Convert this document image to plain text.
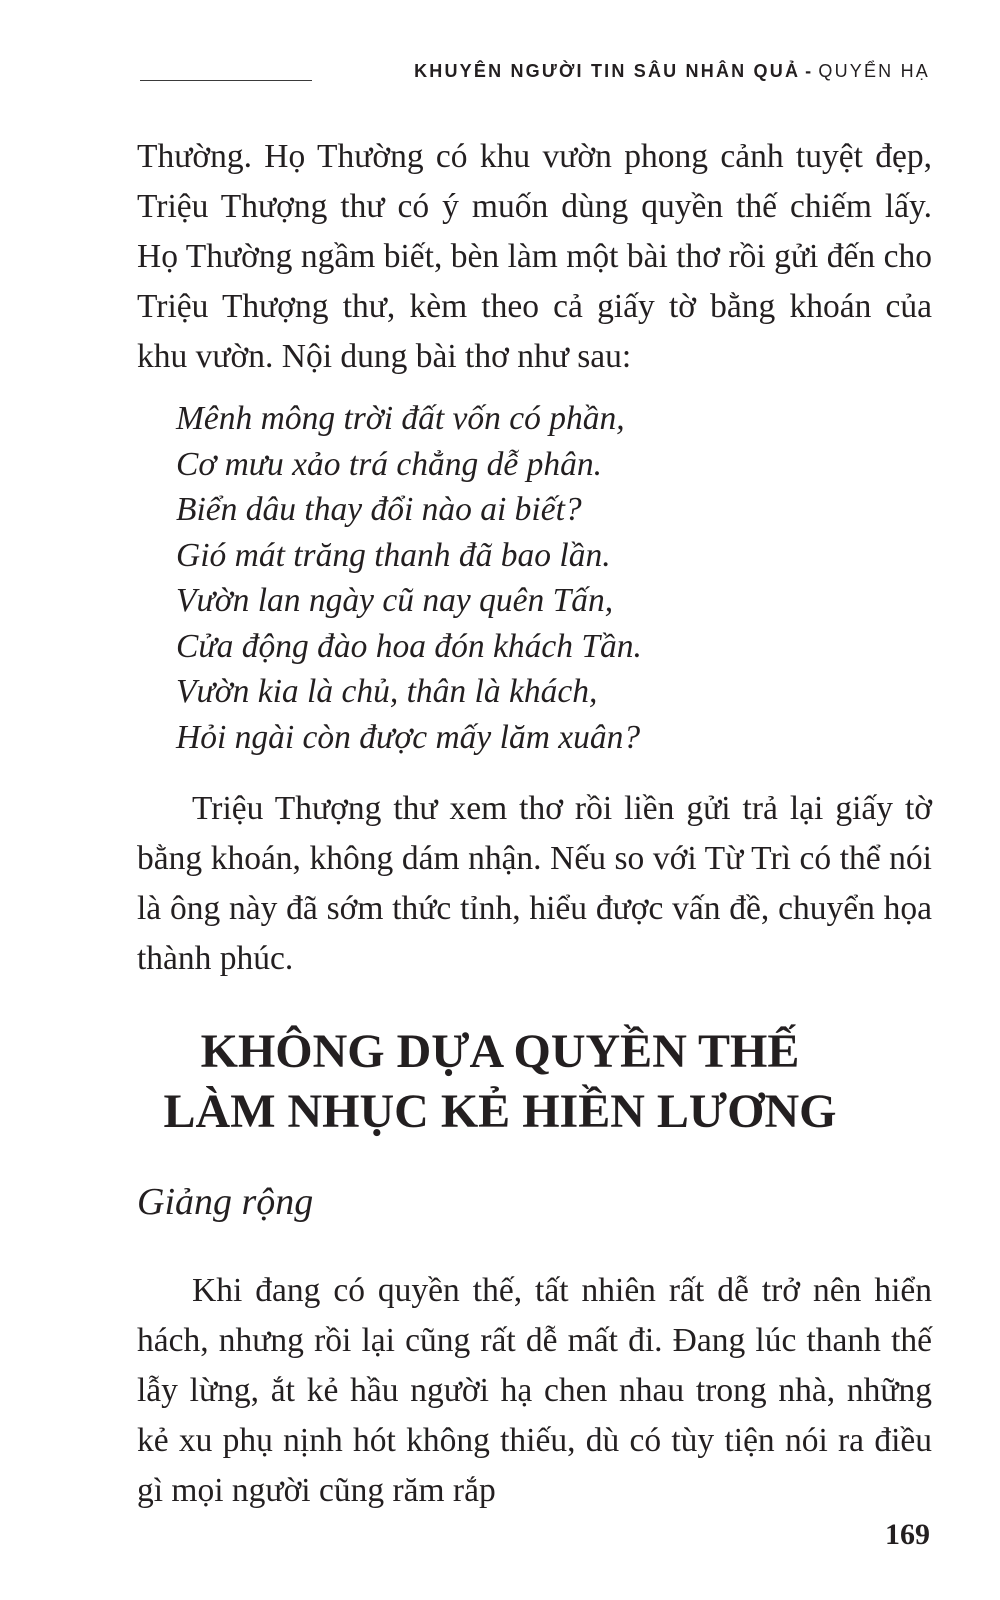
KHUYÊN NGƯỜI TIN SÂU NHÂN QUẢ - QUYỂN HẠ

Thường. Họ Thường có khu vườn phong cảnh tuyệt đẹp, Triệu Thượng thư có ý muốn dùng quyền thế chiếm lấy. Họ Thường ngầm biết, bèn làm một bài thơ rồi gửi đến cho Triệu Thượng thư, kèm theo cả giấy tờ bằng khoán của khu vườn. Nội dung bài thơ như sau:

Mênh mông trời đất vốn có phần,
Cơ mưu xảo trá chẳng dễ phân.
Biển dâu thay đổi nào ai biết?
Gió mát trăng thanh đã bao lần.
Vườn lan ngày cũ nay quên Tấn,
Cửa động đào hoa đón khách Tần.
Vườn kia là chủ, thân là khách,
Hỏi ngài còn được mấy lăm xuân?

Triệu Thượng thư xem thơ rồi liền gửi trả lại giấy tờ bằng khoán, không dám nhận. Nếu so với Từ Trì có thể nói là ông này đã sớm thức tỉnh, hiểu được vấn đề, chuyển họa thành phúc.

KHÔNG DỰA QUYỀN THẾ
LÀM NHỤC KẺ HIỀN LƯƠNG
Giảng rộng

Khi đang có quyền thế, tất nhiên rất dễ trở nên hiển hách, nhưng rồi lại cũng rất dễ mất đi. Đang lúc thanh thế lẫy lừng, ắt kẻ hầu người hạ chen nhau trong nhà, những kẻ xu phụ nịnh hót không thiếu, dù có tùy tiện nói ra điều gì mọi người cũng răm rắp

169
